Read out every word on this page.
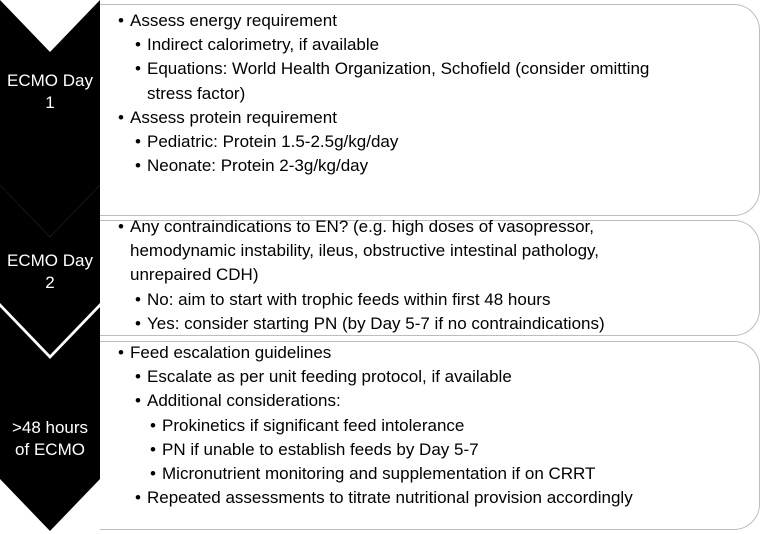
ECMO Day
1
ECMO Day
2
>48 hours
of ECMO
• Assess energy requirement
• Indirect calorimetry, if available
• Equations: World Health Organization, Schofield (consider omitting
stress factor)
• Assess protein requirement
• Pediatric: Protein 1.5-2.5g/kg/day
• Neonate: Protein 2-3g/kg/day
• Any contraindications to EN? (e.g. high doses of vasopressor,
hemodynamic instability, ileus, obstructive intestinal pathology,
unrepaired CDH)
• No: aim to start with trophic feeds within first 48 hours
• Yes: consider starting PN (by Day 5-7 if no contraindications)
• Feed escalation guidelines
• Escalate as per unit feeding protocol, if available
• Additional considerations:
• Prokinetics if significant feed intolerance
• PN if unable to establish feeds by Day 5-7
• Micronutrient monitoring and supplementation if on CRRT
• Repeated assessments to titrate nutritional provision accordingly
